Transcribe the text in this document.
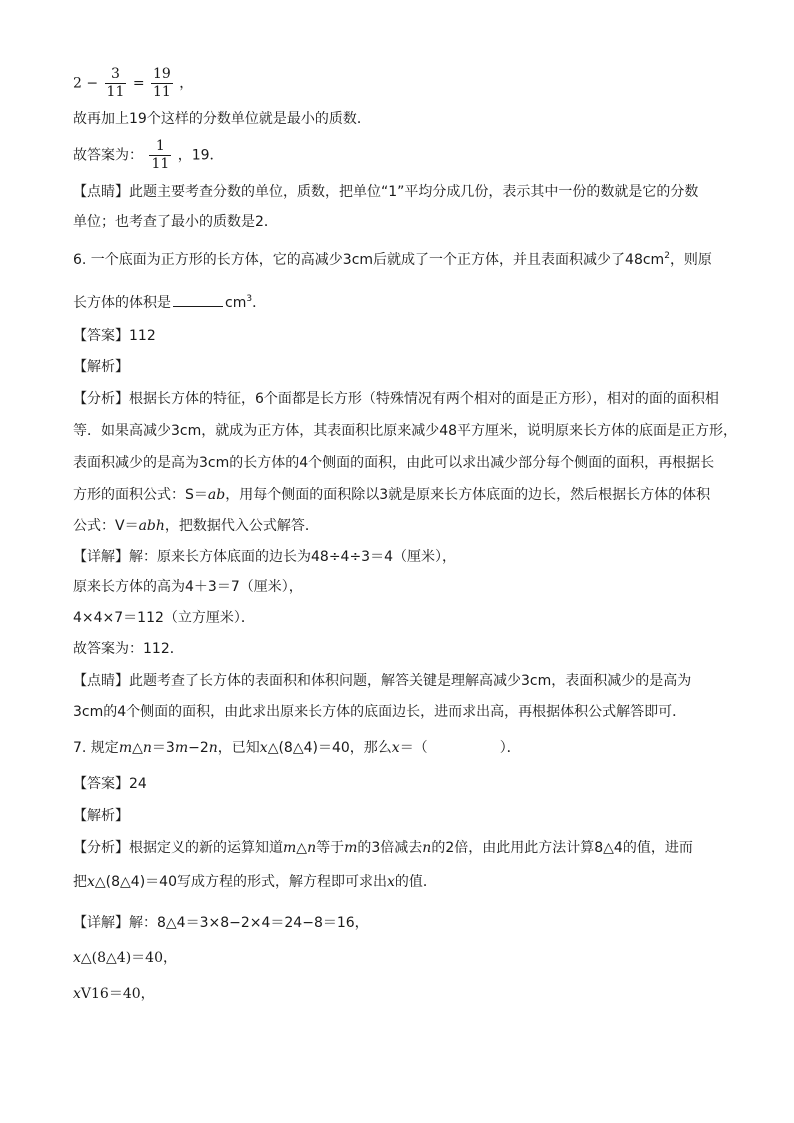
$2 - \frac{3}{11} = \frac{19}{11}$ ，
故再加上19个这样的分数单位就是最小的质数．
故答案为： $\frac{1}{11}$ ，19．
【点睛】此题主要考查分数的单位，质数，把单位“1”平均分成几份，表示其中一份的数就是它的分数
单位；也考查了最小的质数是2．
6. 一个底面为正方形的长方体，它的高减少3cm后就成了一个正方体，并且表面积减少了$48cm^2$，则原
长方体的体积是	$cm^3$．
【答案】112
【解析】
【分析】根据长方体的特征，6个面都是长方形（特殊情况有两个相对的面是正方形），相对的面的面积相
等．如果高减少3cm，就成为正方体，其表面积比原来减少48平方厘米，说明原来长方体的底面是正方形，
表面积减少的是高为3cm的长方体的4个侧面的面积，由此可以求出减少部分每个侧面的面积，再根据长
方形的面积公式：S＝ab，用每个侧面的面积除以3就是原来长方体底面的边长，然后根据长方体的体积
公式：V＝abh，把数据代入公式解答．
【详解】解：原来长方体底面的边长为48÷4÷3＝4（厘米），
原来长方体的高为4＋3＝7（厘米），
4×4×7＝112（立方厘米）．
故答案为：112．
【点睛】此题考查了长方体的表面积和体积问题，解答关键是理解高减少3cm，表面积减少的是高为
3cm的4个侧面的面积，由此求出原来长方体的底面边长，进而求出高，再根据体积公式解答即可．
7. 规定m△n＝3m−2n，已知x△(8△4)＝40，那么x＝（	）．
【答案】24
【解析】
【分析】根据定义的新的运算知道m△n等于m的3倍减去n的2倍，由此用此方法计算8△4的值，进而
把x△(8△4)＝40写成方程的形式，解方程即可求出x的值．
【详解】解：8△4＝3×8−2×4＝24−8＝16，
x△(8△4)＝40，
xV16＝40，
